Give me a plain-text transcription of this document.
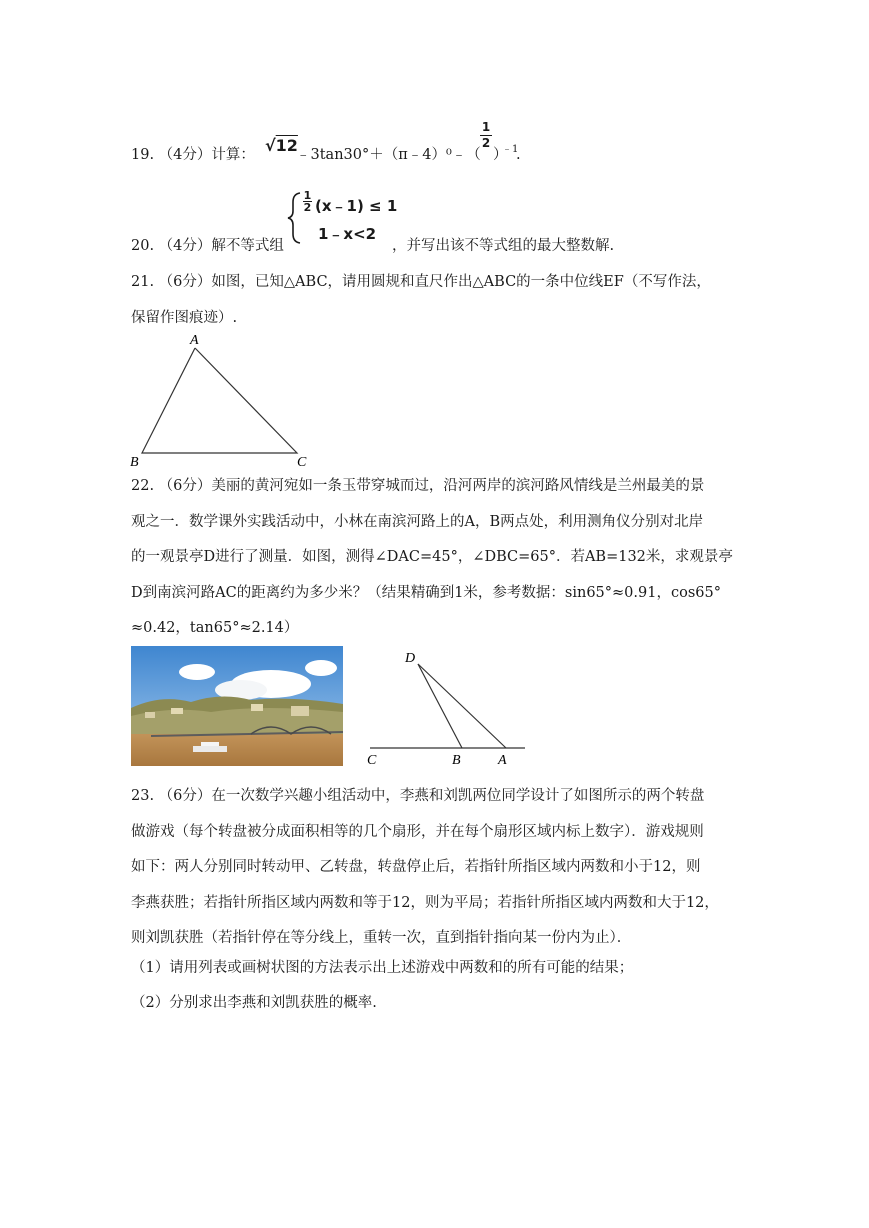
19. （4分）计算： √12
﹣3tan30°＋（π﹣4）⁰﹣（
1
2
）
﹣1
.
20. （4分）解不等式组
1
2 (x﹣1) ≤ 1
1﹣x<2
，并写出该不等式组的最大整数解.
21. （6分）如图，已知△ABC，请用圆规和直尺作出△ABC的一条中位线EF（不写作法，
保留作图痕迹）.
A
B	C
22. （6分）美丽的黄河宛如一条玉带穿城而过，沿河两岸的滨河路风情线是兰州最美的景
观之一．数学课外实践活动中，小林在南滨河路上的A，B两点处，利用测角仪分别对北岸
的一观景亭D进行了测量．如图，测得∠DAC=45°，∠DBC=65°．若AB=132米，求观景亭
D到南滨河路AC的距离约为多少米？（结果精确到1米，参考数据：sin65°≈0.91，cos65°
≈0.42，tan65°≈2.14）
D
C	B	A
23. （6分）在一次数学兴趣小组活动中，李燕和刘凯两位同学设计了如图所示的两个转盘
做游戏（每个转盘被分成面积相等的几个扇形，并在每个扇形区域内标上数字）．游戏规则
如下：两人分别同时转动甲、乙转盘，转盘停止后，若指针所指区域内两数和小于12，则
李燕获胜；若指针所指区域内两数和等于12，则为平局；若指针所指区域内两数和大于12，
则刘凯获胜（若指针停在等分线上，重转一次，直到指针指向某一份内为止）．
（1）请用列表或画树状图的方法表示出上述游戏中两数和的所有可能的结果；
（2）分别求出李燕和刘凯获胜的概率.
